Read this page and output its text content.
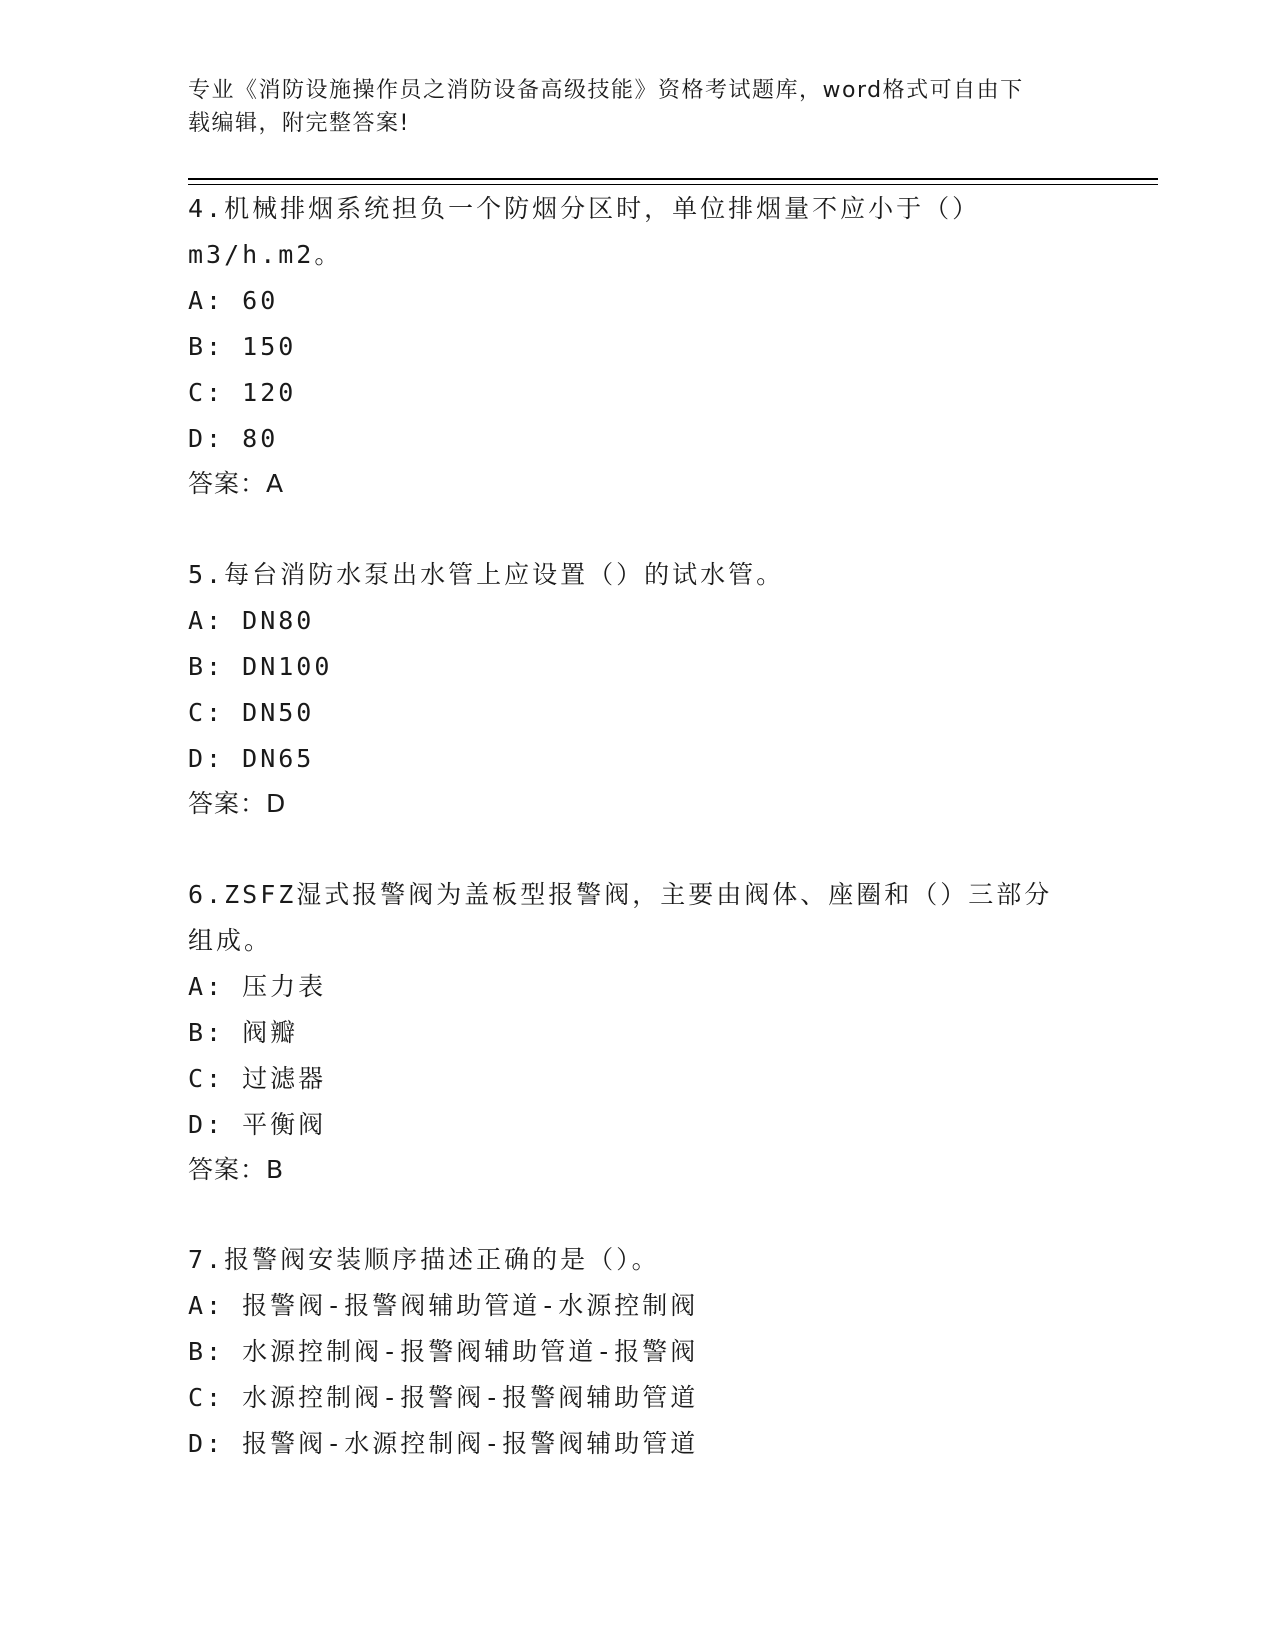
专业《消防设施操作员之消防设备高级技能》资格考试题库，word格式可自由下
载编辑，附完整答案!
4.机械排烟系统担负一个防烟分区时，单位排烟量不应小于（）
m3/h.m2。
A: 60
B: 150
C: 120
D: 80
答案：A
5.每台消防水泵出水管上应设置（）的试水管。
A: DN80
B: DN100
C: DN50
D: DN65
答案：D
6.ZSFZ湿式报警阀为盖板型报警阀，主要由阀体、座圈和（）三部分
组成。
A: 压力表
B: 阀瓣
C: 过滤器
D: 平衡阀
答案：B
7.报警阀安装顺序描述正确的是（）。
A: 报警阀-报警阀辅助管道-水源控制阀
B: 水源控制阀-报警阀辅助管道-报警阀
C: 水源控制阀-报警阀-报警阀辅助管道
D: 报警阀-水源控制阀-报警阀辅助管道
